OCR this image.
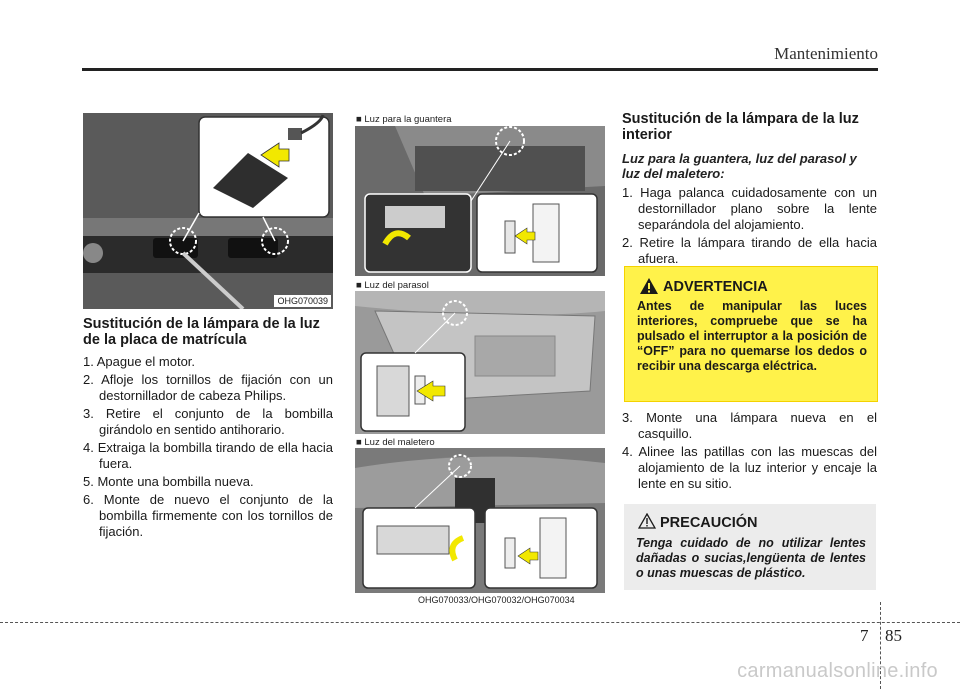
Mantenimiento
OHG070039
Sustitución de la lámpara de la luz de la placa de matrícula
1. Apague el motor.
2. Afloje los tornillos de fijación con un destornillador de cabeza Philips.
3. Retire el conjunto de la bombilla girándolo en sentido antihorario.
4. Extraiga la bombilla tirando de ella hacia fuera.
5. Monte una bombilla nueva.
6. Monte de nuevo el conjunto de la bombilla firmemente con los tornillos de fijación.
■ Luz para la guantera
■ Luz del parasol
■ Luz del maletero
OHG070033/OHG070032/OHG070034
Sustitución de la lámpara de la luz interior
Luz para la guantera, luz del parasol y luz del maletero:
1. Haga palanca cuidadosamente con un destornillador plano sobre la lente separándola del alojamiento.
2. Retire la lámpara tirando de ella hacia afuera.
ADVERTENCIA
Antes de manipular las luces interiores, compruebe que se ha pulsado el interruptor a la posición de “OFF” para no quemarse los dedos o recibir una descarga eléctrica.
3. Monte una lámpara nueva en el casquillo.
4. Alinee las patillas con las muescas del alojamiento de la luz interior y encaje la lente en su sitio.
PRECAUCIÓN
Tenga cuidado de no utilizar lentes dañadas o sucias,lengüenta de lentes o unas muescas de plástico.
7 85
carmanualsonline.info
